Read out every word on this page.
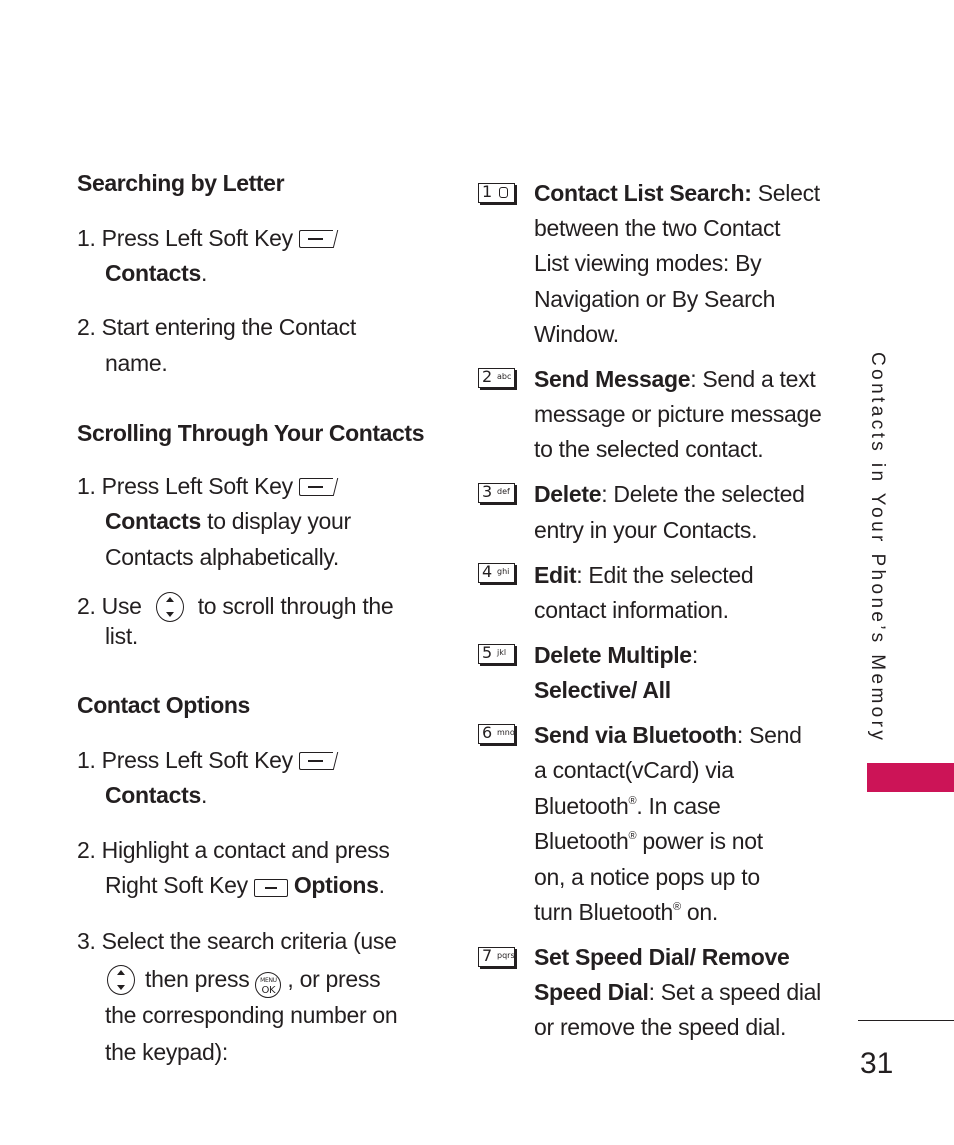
Searching by Letter
1. Press Left Soft Key
Contacts.
2. Start entering the Contact
name.
Scrolling Through Your Contacts
1. Press Left Soft Key
Contacts to display your
Contacts alphabetically.
2. Use to scroll through the
list.
Contact Options
1. Press Left Soft Key
Contacts.
2. Highlight a contact and press
Right Soft Key Options.
3. Select the search criteria (use
then press	MENU
OK , or press
the corresponding number on
the keypad):
1 Contact List Search: Select
between the two Contact
List viewing modes: By
Navigation or By Search
Window.
2 abc Send Message: Send a text
message or picture message
to the selected contact.
3 def Delete: Delete the selected
entry in your Contacts.
4 ghi Edit: Edit the selected
contact information.
5 jkl Delete Multiple:
Selective/ All
6 mno Send via Bluetooth: Send
a contact(vCard) via
Bluetooth®. In case
Bluetooth® power is not
on, a notice pops up to
turn Bluetooth® on.
7 pqrs Set Speed Dial/ Remove
Speed Dial: Set a speed dial
or remove the speed dial.
Contacts in Your Phone’s Memory
31
